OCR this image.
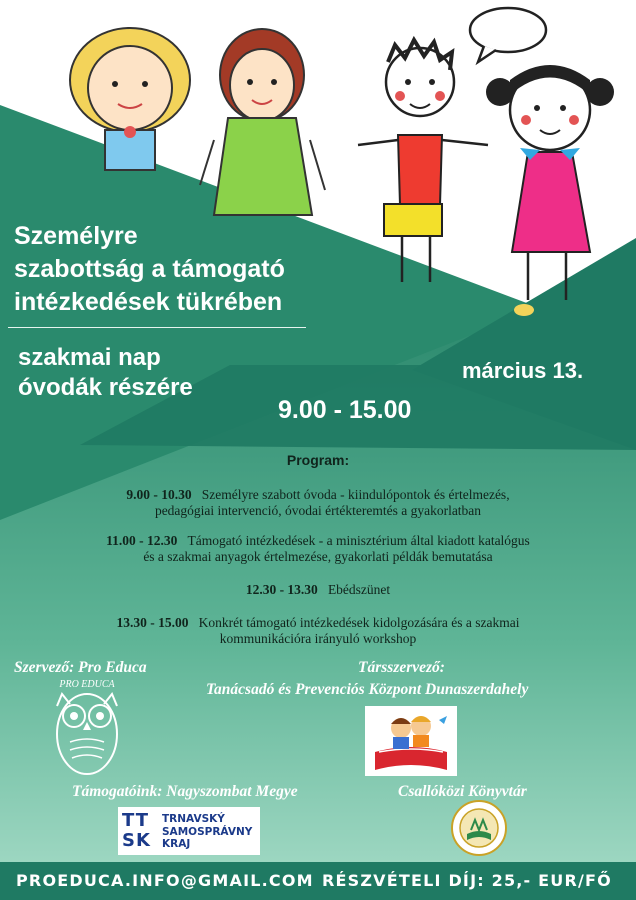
Személyre
szabottság a támogató
intézkedések tükrében
szakmai nap
óvodák részére
március 13.
9.00 - 15.00
Program:
9.00 - 10.30 Személyre szabott óvoda - kiindulópontok és értelmezés,
pedagógiai intervenció, óvodai értékteremtés a gyakorlatban
11.00 - 12.30 Támogató intézkedések - a minisztérium által kiadott katalógus
és a szakmai anyagok értelmezése, gyakorlati példák bemutatása
12.30 - 13.30 Ebédszünet
13.30 - 15.00 Konkrét támogató intézkedések kidolgozására és a szakmai
kommunikációra irányuló workshop
Szervező: Pro Educa
PRO EDUCA
Társszervező:
Tanácsadó és Prevenciós Központ Dunaszerdahely
Támogatóink: Nagyszombat Megye	Csallóközi Könyvtár
TT
SK
TRNAVSKÝ
SAMOSPRÁVNY
KRAJ
PROEDUCA.INFO@GMAIL.COM RÉSZVÉTELI DÍJ: 25,- EUR/FŐ
